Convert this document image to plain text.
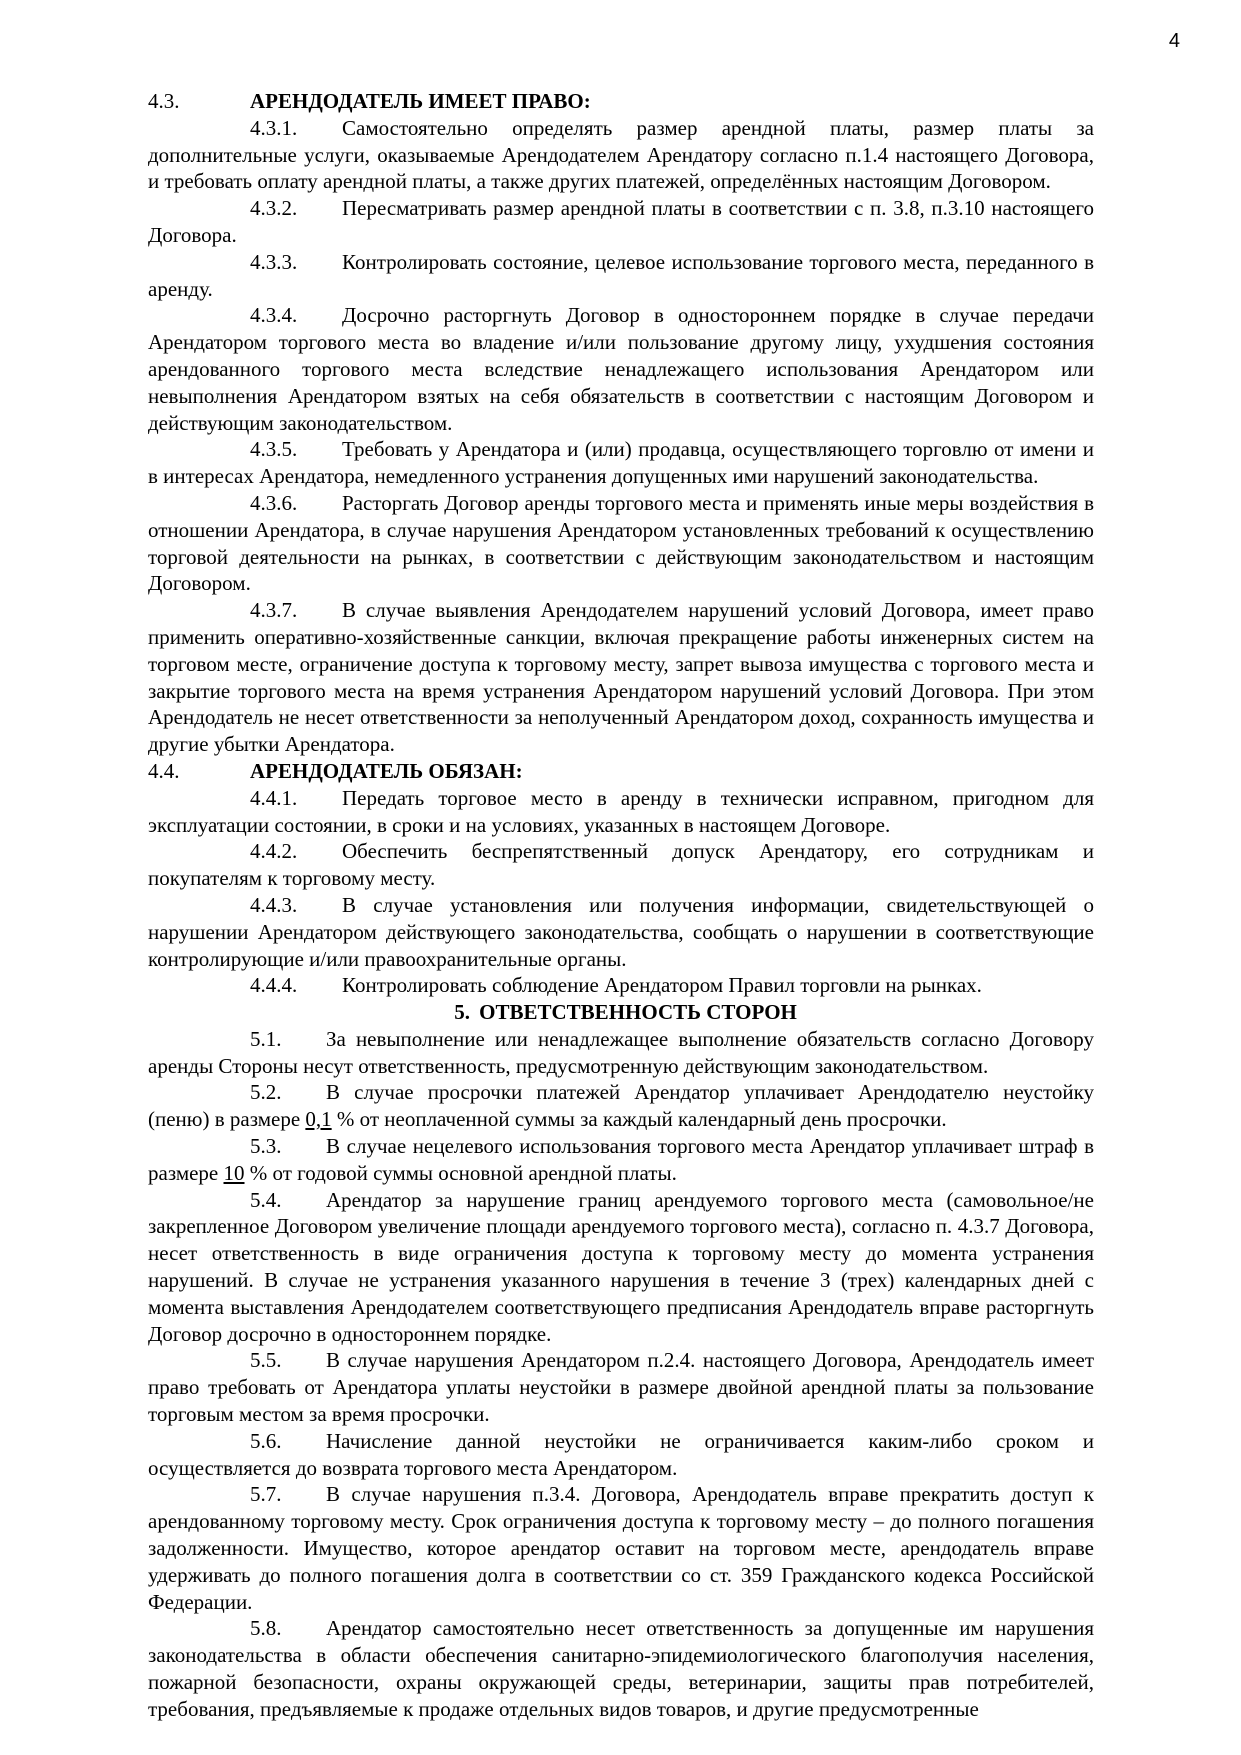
4
4.3.	АРЕНДОДАТЕЛЬ ИМЕЕТ ПРАВО:

4.3.1. Самостоятельно определять размер арендной платы, размер платы за дополнительные услуги, оказываемые Арендодателем Арендатору согласно п.1.4 настоящего Договора, и требовать оплату арендной платы, а также других платежей, определённых настоящим Договором.

4.3.2. Пересматривать размер арендной платы в соответствии с п. 3.8, п.3.10 настоящего Договора.

4.3.3. Контролировать состояние, целевое использование торгового места, переданного в аренду.

4.3.4. Досрочно расторгнуть Договор в одностороннем порядке в случае передачи Арендатором торгового места во владение и/или пользование другому лицу, ухудшения состояния арендованного торгового места вследствие ненадлежащего использования Арендатором или невыполнения Арендатором взятых на себя обязательств в соответствии с настоящим Договором и действующим законодательством.

4.3.5. Требовать у Арендатора и (или) продавца, осуществляющего торговлю от имени и в интересах Арендатора, немедленного устранения допущенных ими нарушений законодательства.

4.3.6. Расторгать Договор аренды торгового места и применять иные меры воздействия в отношении Арендатора, в случае нарушения Арендатором установленных требований к осуществлению торговой деятельности на рынках, в соответствии с действующим законодательством и настоящим Договором.

4.3.7. В случае выявления Арендодателем нарушений условий Договора, имеет право применить оперативно-хозяйственные санкции, включая прекращение работы инженерных систем на торговом месте, ограничение доступа к торговому месту, запрет вывоза имущества с торгового места и закрытие торгового места на время устранения Арендатором нарушений условий Договора. При этом Арендодатель не несет ответственности за неполученный Арендатором доход, сохранность имущества и другие убытки Арендатора.

4.4.	АРЕНДОДАТЕЛЬ ОБЯЗАН:

4.4.1. Передать торговое место в аренду в технически исправном, пригодном для эксплуатации состоянии, в сроки и на условиях, указанных в настоящем Договоре.

4.4.2. Обеспечить беспрепятственный допуск Арендатору, его сотрудникам и покупателям к торговому месту.

4.4.3. В случае установления или получения информации, свидетельствующей о нарушении Арендатором действующего законодательства, сообщать о нарушении в соответствующие контролирующие и/или правоохранительные органы.

4.4.4. Контролировать соблюдение Арендатором Правил торговли на рынках.

5. ОТВЕТСТВЕННОСТЬ СТОРОН

5.1. За невыполнение или ненадлежащее выполнение обязательств согласно Договору аренды Стороны несут ответственность, предусмотренную действующим законодательством.

5.2. В случае просрочки платежей Арендатор уплачивает Арендодателю неустойку (пеню) в размере 0,1 % от неоплаченной суммы за каждый календарный день просрочки.

5.3. В случае нецелевого использования торгового места Арендатор уплачивает штраф в размере 10 % от годовой суммы основной арендной платы.

5.4. Арендатор за нарушение границ арендуемого торгового места (самовольное/не закрепленное Договором увеличение площади арендуемого торгового места), согласно п. 4.3.7 Договора, несет ответственность в виде ограничения доступа к торговому месту до момента устранения нарушений. В случае не устранения указанного нарушения в течение 3 (трех) календарных дней с момента выставления Арендодателем соответствующего предписания Арендодатель вправе расторгнуть Договор досрочно в одностороннем порядке.

5.5. В случае нарушения Арендатором п.2.4. настоящего Договора, Арендодатель имеет право требовать от Арендатора уплаты неустойки в размере двойной арендной платы за пользование торговым местом за время просрочки.

5.6. Начисление данной неустойки не ограничивается каким-либо сроком и осуществляется до возврата торгового места Арендатором.

5.7. В случае нарушения п.3.4. Договора, Арендодатель вправе прекратить доступ к арендованному торговому месту. Срок ограничения доступа к торговому месту – до полного погашения задолженности. Имущество, которое арендатор оставит на торговом месте, арендодатель вправе удерживать до полного погашения долга в соответствии со ст. 359 Гражданского кодекса Российской Федерации.

5.8. Арендатор самостоятельно несет ответственность за допущенные им нарушения законодательства в области обеспечения санитарно-эпидемиологического благополучия населения, пожарной безопасности, охраны окружающей среды, ветеринарии, защиты прав потребителей, требования, предъявляемые к продаже отдельных видов товаров, и другие предусмотренные
